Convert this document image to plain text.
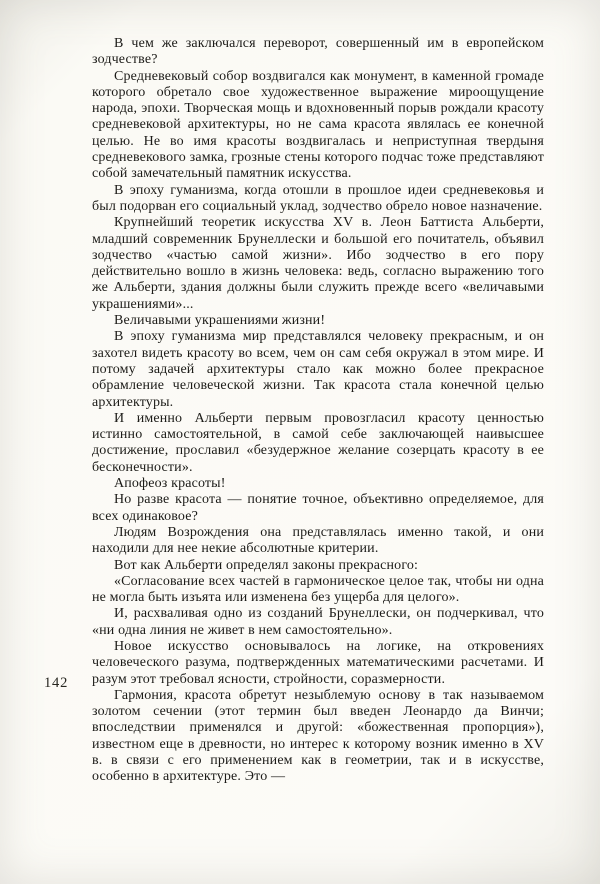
В чем же заключался переворот, совершенный им в европейском зодчестве?

Средневековый собор воздвигался как монумент, в каменной громаде которого обретало свое художественное выражение мироощущение народа, эпохи. Творческая мощь и вдохновенный порыв рождали красоту средневековой архитектуры, но не сама красота являлась ее конечной целью. Не во имя красоты воздвигалась и неприступная твердыня средневекового замка, грозные стены которого подчас тоже представляют собой замечательный памятник искусства.

В эпоху гуманизма, когда отошли в прошлое идеи средневековья и был подорван его социальный уклад, зодчество обрело новое назначение.

Крупнейший теоретик искусства XV в. Леон Баттиста Альберти, младший современник Брунеллески и большой его почитатель, объявил зодчество «частью самой жизни». Ибо зодчество в его пору действительно вошло в жизнь человека: ведь, согласно выражению того же Альберти, здания должны были служить прежде всего «величавыми украшениями»...

Величавыми украшениями жизни!

В эпоху гуманизма мир представлялся человеку прекрасным, и он захотел видеть красоту во всем, чем он сам себя окружал в этом мире. И потому задачей архитектуры стало как можно более прекрасное обрамление человеческой жизни. Так красота стала конечной целью архитектуры.

И именно Альберти первым провозгласил красоту ценностью истинно самостоятельной, в самой себе заключающей наивысшее достижение, прославил «безудержное желание созерцать красоту в ее бесконечности».

Апофеоз красоты!

Но разве красота — понятие точное, объективно определяемое, для всех одинаковое?

Людям Возрождения она представлялась именно такой, и они находили для нее некие абсолютные критерии.

Вот как Альберти определял законы прекрасного:

«Согласование всех частей в гармоническое целое так, чтобы ни одна не могла быть изъята или изменена без ущерба для целого».

И, расхваливая одно из созданий Брунеллески, он подчеркивал, что «ни одна линия не живет в нем самостоятельно».

142

Новое искусство основывалось на логике, на откровениях человеческого разума, подтвержденных математическими расчетами. И разум этот требовал ясности, стройности, соразмерности.

Гармония, красота обретут незыблемую основу в так называемом золотом сечении (этот термин был введен Леонардо да Винчи; впоследствии применялся и другой: «божественная пропорция»), известном еще в древности, но интерес к которому возник именно в XV в. в связи с его применением как в геометрии, так и в искусстве, особенно в архитектуре. Это —
